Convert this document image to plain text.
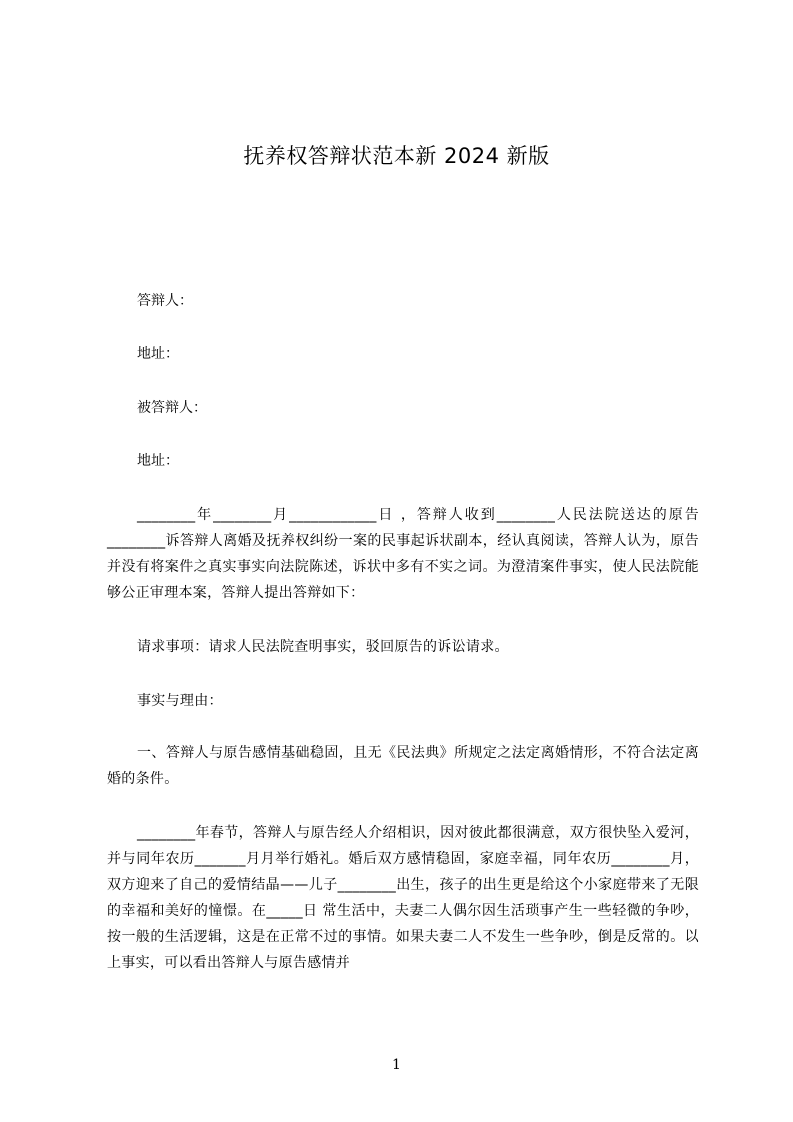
抚养权答辩状范本新 2024 新版
答辩人：
地址：
被答辩人：
地址：

________年________月____________日 ，答辩人收到________人民法院送达的原告________诉答辩人离婚及抚养权纠纷一案的民事起诉状副本，经认真阅读，答辩人认为，原告并没有将案件之真实事实向法院陈述，诉状中多有不实之词。为澄清案件事实，使人民法院能够公正审理本案，答辩人提出答辩如下：

请求事项：请求人民法院查明事实，驳回原告的诉讼请求。

事实与理由：

一、答辩人与原告感情基础稳固，且无《民法典》所规定之法定离婚情形，不符合法定离婚的条件。

________年春节，答辩人与原告经人介绍相识，因对彼此都很满意，双方很快坠入爱河，并与同年农历_______月月举行婚礼。婚后双方感情稳固，家庭幸福，同年农历________月，双方迎来了自己的爱情结晶——儿子________出生，孩子的出生更是给这个小家庭带来了无限的幸福和美好的憧憬。在_____日 常生活中，夫妻二人偶尔因生活琐事产生一些轻微的争吵，按一般的生活逻辑，这是在正常不过的事情。如果夫妻二人不发生一些争吵，倒是反常的。以上事实，可以看出答辩人与原告感情并

1
